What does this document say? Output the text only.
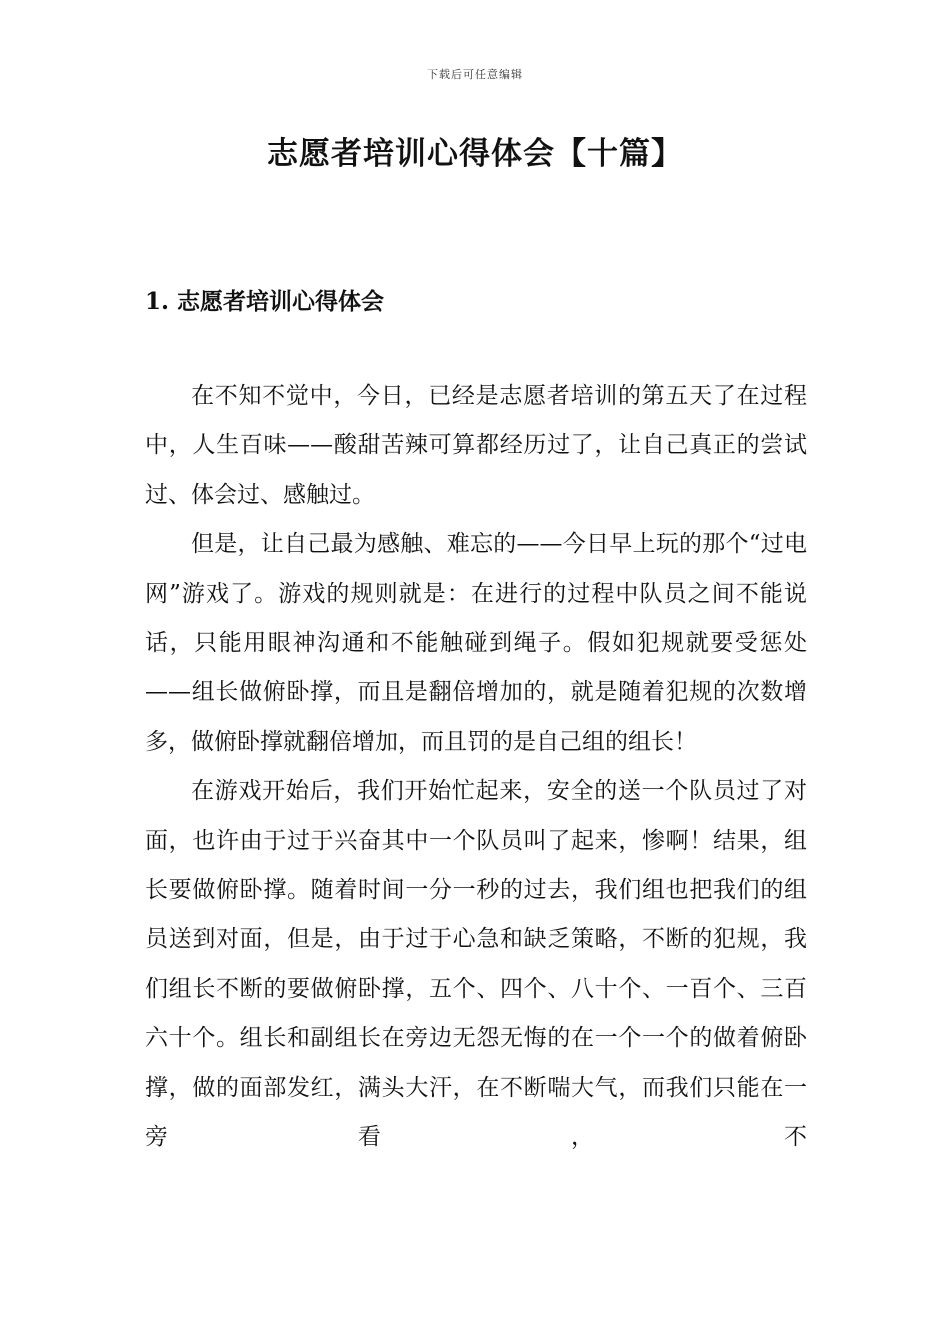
下载后可任意编辑
志愿者培训心得体会【十篇】
1. 志愿者培训心得体会

在不知不觉中，今日，已经是志愿者培训的第五天了在过程中，人生百味——酸甜苦辣可算都经历过了，让自己真正的尝试过、体会过、感触过。

但是，让自己最为感触、难忘的——今日早上玩的那个“过电网”游戏了。游戏的规则就是：在进行的过程中队员之间不能说话，只能用眼神沟通和不能触碰到绳子。假如犯规就要受惩处——组长做俯卧撑，而且是翻倍增加的，就是随着犯规的次数增多，做俯卧撑就翻倍增加，而且罚的是自己组的组长！

在游戏开始后，我们开始忙起来，安全的送一个队员过了对面，也许由于过于兴奋其中一个队员叫了起来，惨啊！结果，组长要做俯卧撑。随着时间一分一秒的过去，我们组也把我们的组员送到对面，但是，由于过于心急和缺乏策略，不断的犯规，我们组长不断的要做俯卧撑，五个、四个、八十个、一百个、三百六十个。组长和副组长在旁边无怨无悔的在一个一个的做着俯卧撑，做的面部发红，满头大汗，在不断喘大气，而我们只能在一旁看，不
